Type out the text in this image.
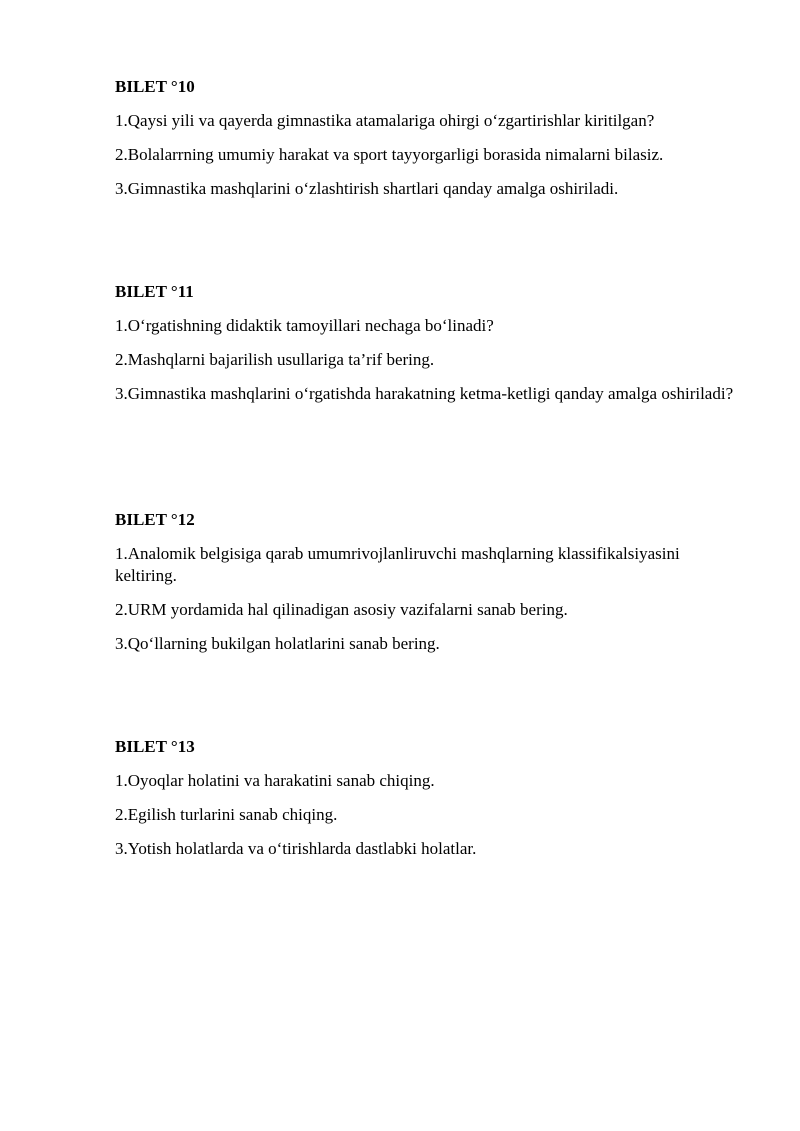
BILET °10

1.Qaysi yili va qayerda gimnastika atamalariga ohirgi o‘zgartirishlar kiritilgan?

2.Bolalarrning umumiy harakat va sport tayyorgarligi borasida nimalarni bilasiz.

3.Gimnastika mashqlarini o‘zlashtirish shartlari qanday amalga oshiriladi.

BILET °11

1.O‘rgatishning didaktik tamoyillari nechaga bo‘linadi?

2.Mashqlarni bajarilish usullariga ta’rif bering.

3.Gimnastika mashqlarini o‘rgatishda harakatning ketma-ketligi qanday amalga oshiriladi?

BILET °12

1.Analomik belgisiga qarab umumrivojlanliruvchi mashqlarning klassifikalsiyasini keltiring.

2.URM yordamida hal qilinadigan asosiy vazifalarni sanab bering.

3.Qo‘llarning bukilgan holatlarini sanab bering.

BILET °13

1.Oyoqlar holatini va harakatini sanab chiqing.

2.Egilish turlarini sanab chiqing.

3.Yotish holatlarda va o‘tirishlarda dastlabki holatlar.
